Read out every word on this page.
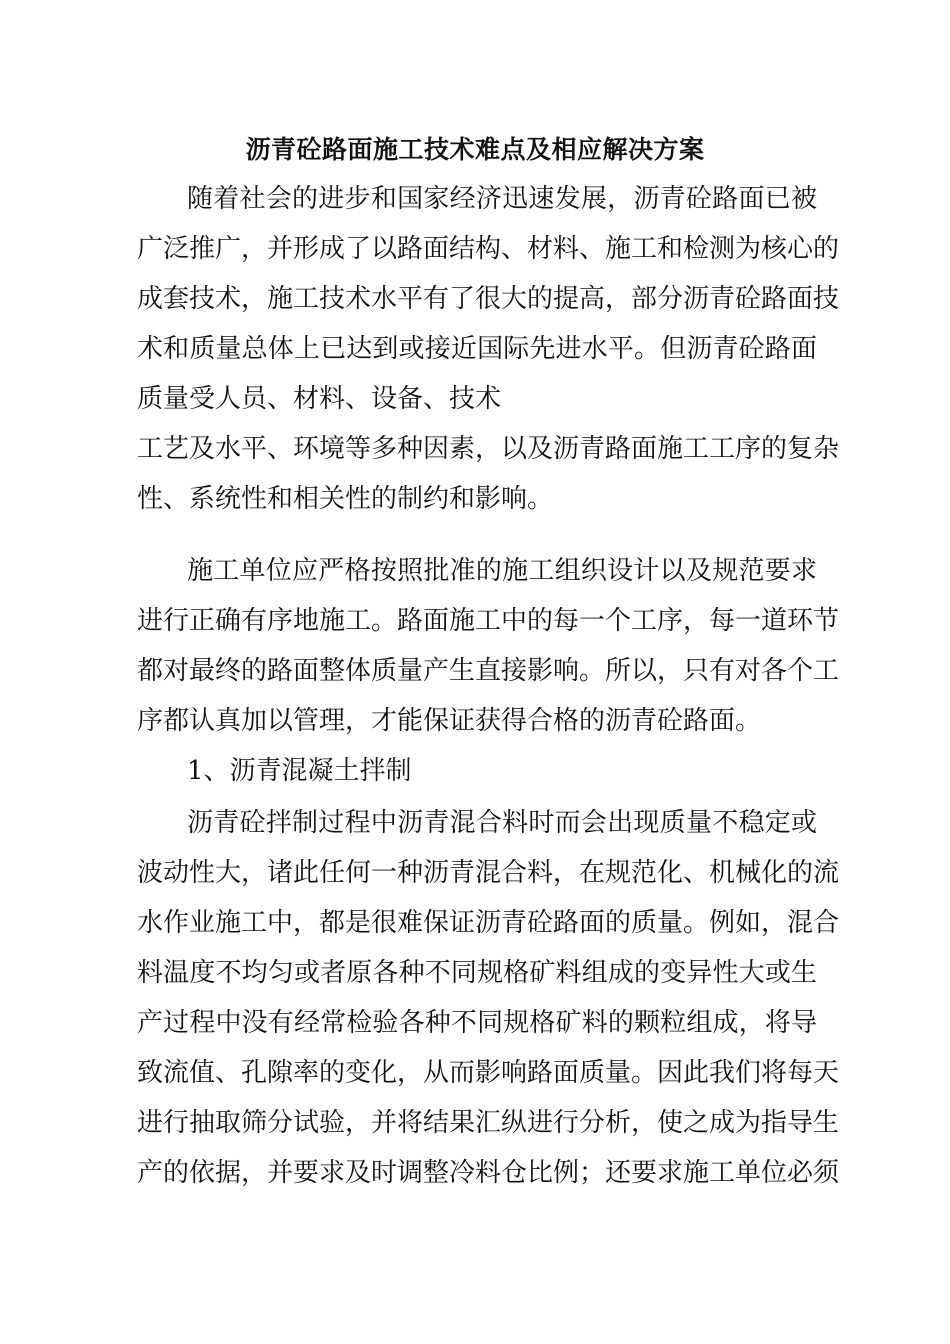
沥青砼路面施工技术难点及相应解决方案
随着社会的进步和国家经济迅速发展，沥青砼路面已被
广泛推广，并形成了以路面结构、材料、施工和检测为核心的
成套技术，施工技术水平有了很大的提高，部分沥青砼路面技
术和质量总体上已达到或接近国际先进水平。但沥青砼路面
质量受人员、材料、设备、技术
工艺及水平、环境等多种因素，以及沥青路面施工工序的复杂
性、系统性和相关性的制约和影响。
施工单位应严格按照批准的施工组织设计以及规范要求
进行正确有序地施工。路面施工中的每一个工序，每一道环节
都对最终的路面整体质量产生直接影响。所以，只有对各个工
序都认真加以管理，才能保证获得合格的沥青砼路面。
1、沥青混凝土拌制
沥青砼拌制过程中沥青混合料时而会出现质量不稳定或
波动性大，诸此任何一种沥青混合料，在规范化、机械化的流
水作业施工中，都是很难保证沥青砼路面的质量。例如，混合
料温度不均匀或者原各种不同规格矿料组成的变异性大或生
产过程中没有经常检验各种不同规格矿料的颗粒组成，将导
致流值、孔隙率的变化，从而影响路面质量。因此我们将每天
进行抽取筛分试验，并将结果汇纵进行分析，使之成为指导生
产的依据，并要求及时调整冷料仓比例；还要求施工单位必须
